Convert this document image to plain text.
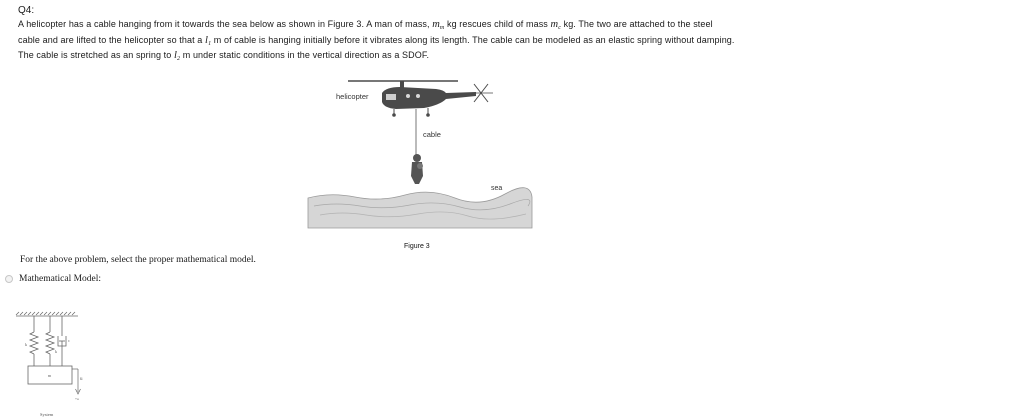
Q4:
A helicopter has a cable hanging from it towards the sea below as shown in Figure 3. A man of mass, $m_m$ kg rescues child of mass $m_c$ kg. The two are attached to the steel
cable and are lifted to the helicopter so that a $l_1$ m of cable is hanging initially before it vibrates along its length. The cable can be modeled as an elastic spring without damping.
The cable is stretched as an spring to $l_2$ m under static conditions in the vertical direction as a SDOF.
helicopter
cable
sea
Figure 3
For the above problem, select the proper mathematical model.
Mathematical Model:
k
k
c
m
u
+u
System
